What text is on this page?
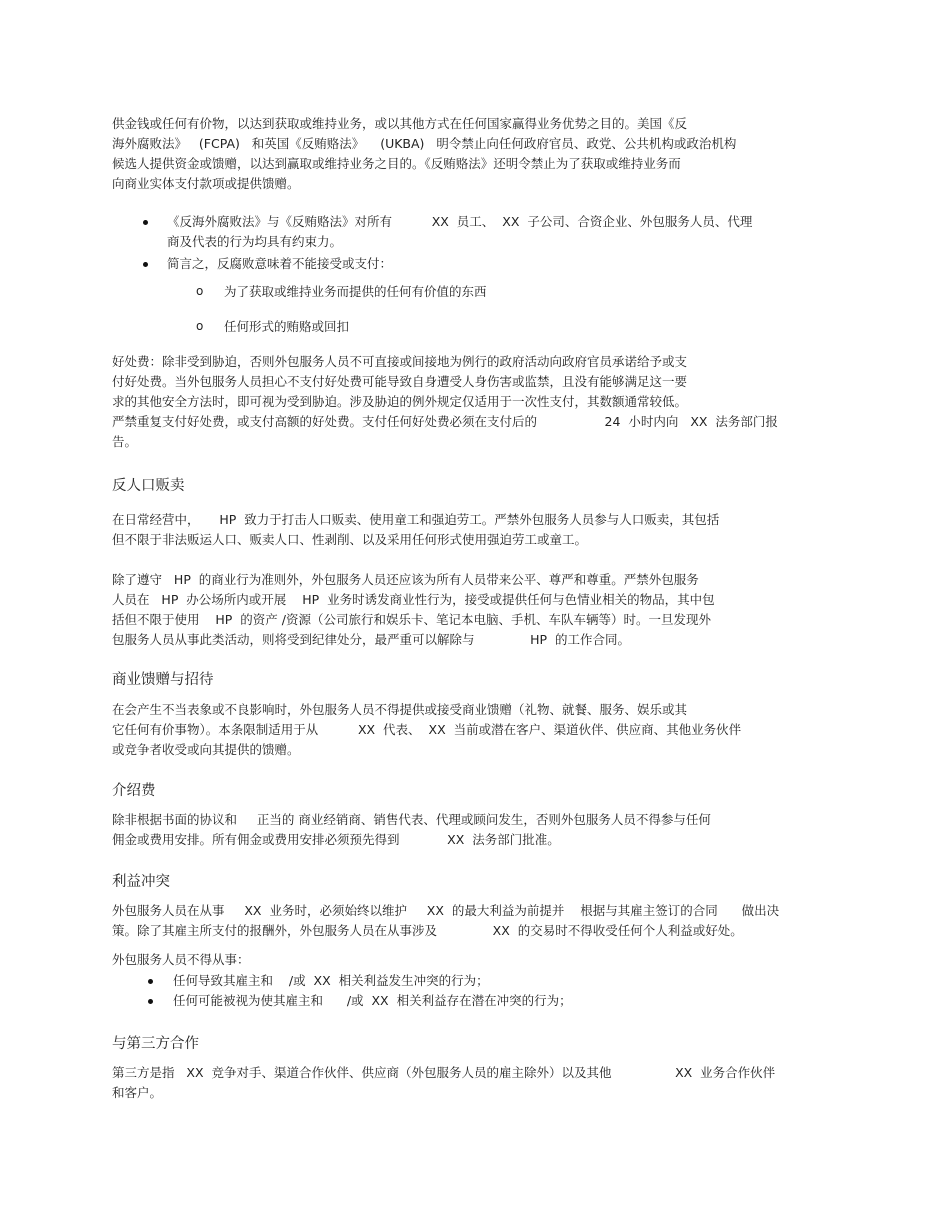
供金钱或任何有价物，以达到获取或维持业务，或以其他方式在任何国家赢得业务优势之目的。美国《反
海外腐败法》   (FCPA)   和英国《反贿赂法》    (UKBA)   明令禁止向任何政府官员、政党、公共机构或政治机构
候选人提供资金或馈赠，以达到赢取或维持业务之目的。《反贿赂法》还明令禁止为了获取或维持业务而
向商业实体支付款项或提供馈赠。
《反海外腐败法》与《反贿赂法》对所有          XX  员工、  XX  子公司、合资企业、外包服务人员、代理
商及代表的行为均具有约束力。
简言之，反腐败意味着不能接受或支付：
o 为了获取或维持业务而提供的任何有价值的东西
o 任何形式的贿赂或回扣
好处费：除非受到胁迫，否则外包服务人员不可直接或间接地为例行的政府活动向政府官员承诺给予或支
付好处费。当外包服务人员担心不支付好处费可能导致自身遭受人身伤害或监禁，且没有能够满足这一要
求的其他安全方法时，即可视为受到胁迫。涉及胁迫的例外规定仅适用于一次性支付，其数额通常较低。
严禁重复支付好处费，或支付高额的好处费。支付任何好处费必须在支付后的                 24  小时内向   XX  法务部门报
告。
反人口贩卖
在日常经营中，     HP  致力于打击人口贩卖、使用童工和强迫劳工。严禁外包服务人员参与人口贩卖，其包括
但不限于非法贩运人口、贩卖人口、性剥削、以及采用任何形式使用强迫劳工或童工。
除了遵守   HP  的商业行为准则外，外包服务人员还应该为所有人员带来公平、尊严和尊重。严禁外包服务
人员在   HP  办公场所内或开展    HP  业务时诱发商业性行为，接受或提供任何与色情业相关的物品，其中包
括但不限于使用    HP  的资产 /资源（公司旅行和娱乐卡、笔记本电脑、手机、车队车辆等）时。一旦发现外
包服务人员从事此类活动，则将受到纪律处分，最严重可以解除与              HP  的工作合同。
商业馈赠与招待
在会产生不当表象或不良影响时，外包服务人员不得提供或接受商业馈赠（礼物、就餐、服务、娱乐或其
它任何有价事物）。本条限制适用于从          XX  代表、  XX  当前或潜在客户、渠道伙伴、供应商、其他业务伙伴
或竞争者收受或向其提供的馈赠。
介绍费
除非根据书面的协议和     正当的 商业经销商、销售代表、代理或顾问发生，否则外包服务人员不得参与任何
佣金或费用安排。所有佣金或费用安排必须预先得到            XX  法务部门批准。
利益冲突
外包服务人员在从事     XX  业务时，必须始终以维护     XX  的最大利益为前提并    根据与其雇主签订的合同      做出决
策。除了其雇主所支付的报酬外，外包服务人员在从事涉及              XX  的交易时不得收受任何个人利益或好处。
外包服务人员不得从事：
任何导致其雇主和    /或  XX  相关利益发生冲突的行为；
任何可能被视为使其雇主和      /或  XX  相关利益存在潜在冲突的行为；
与第三方合作
第三方是指   XX  竞争对手、渠道合作伙伴、供应商（外包服务人员的雇主除外）以及其他                XX  业务合作伙伴
和客户。
